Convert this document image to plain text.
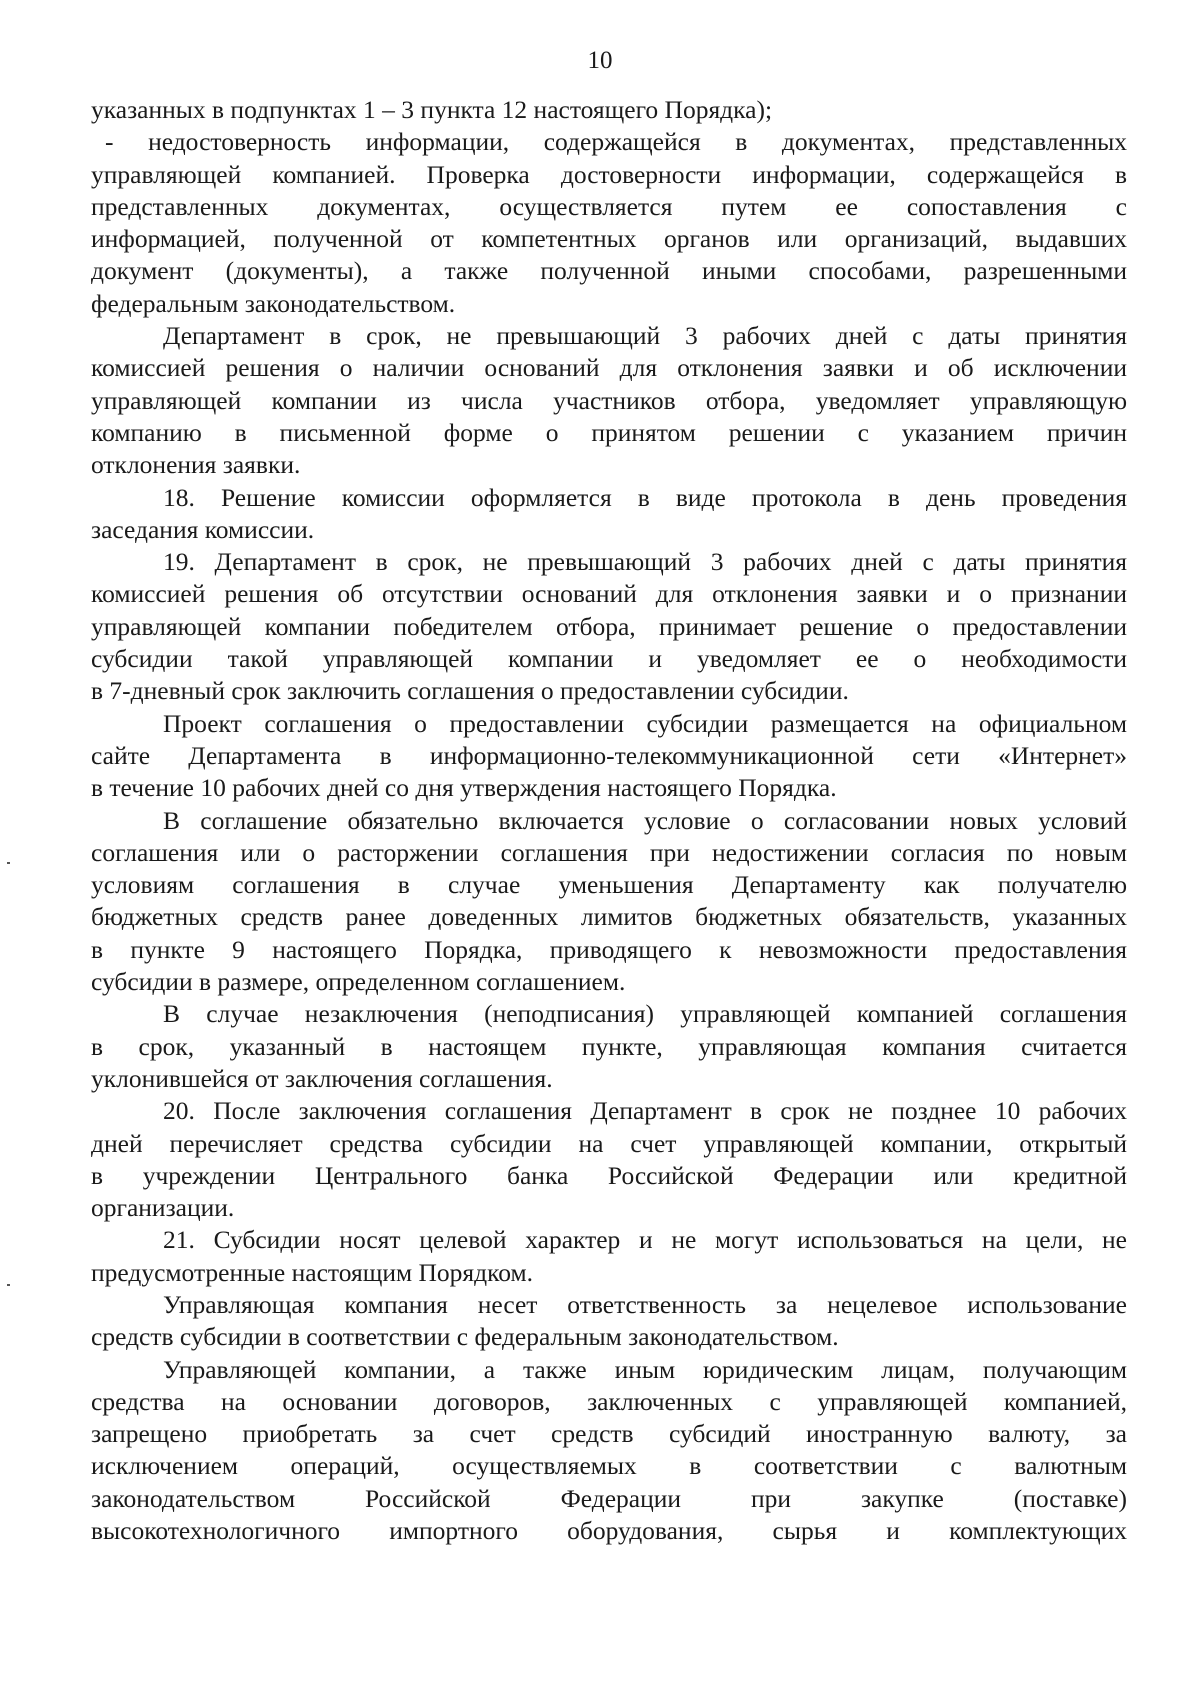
10
указанных в подпунктах 1 – 3 пункта 12 настоящего Порядка);
- недостоверность информации, содержащейся в документах, представленных
управляющей компанией. Проверка достоверности информации, содержащейся в
представленных документах, осуществляется путем ее сопоставления с
информацией, полученной от компетентных органов или организаций, выдавших
документ (документы), а также полученной иными способами, разрешенными
федеральным законодательством.
Департамент в срок, не превышающий 3 рабочих дней с даты принятия
комиссией решения о наличии оснований для отклонения заявки и об исключении
управляющей компании из числа участников отбора, уведомляет управляющую
компанию в письменной форме о принятом решении с указанием причин
отклонения заявки.
18. Решение комиссии оформляется в виде протокола в день проведения
заседания комиссии.
19. Департамент в срок, не превышающий 3 рабочих дней с даты принятия
комиссией решения об отсутствии оснований для отклонения заявки и о признании
управляющей компании победителем отбора, принимает решение о предоставлении
субсидии такой управляющей компании и уведомляет ее о необходимости
в 7-дневный срок заключить соглашения о предоставлении субсидии.
Проект соглашения о предоставлении субсидии размещается на официальном
сайте Департамента в информационно-телекоммуникационной сети «Интернет»
в течение 10 рабочих дней со дня утверждения настоящего Порядка.
В соглашение обязательно включается условие о согласовании новых условий
соглашения или о расторжении соглашения при недостижении согласия по новым
условиям соглашения в случае уменьшения Департаменту как получателю
бюджетных средств ранее доведенных лимитов бюджетных обязательств, указанных
в пункте 9 настоящего Порядка, приводящего к невозможности предоставления
субсидии в размере, определенном соглашением.
В случае незаключения (неподписания) управляющей компанией соглашения
в срок, указанный в настоящем пункте, управляющая компания считается
уклонившейся от заключения соглашения.
20. После заключения соглашения Департамент в срок не позднее 10 рабочих
дней перечисляет средства субсидии на счет управляющей компании, открытый
в учреждении Центрального банка Российской Федерации или кредитной
организации.
21. Субсидии носят целевой характер и не могут использоваться на цели, не
предусмотренные настоящим Порядком.
Управляющая компания несет ответственность за нецелевое использование
средств субсидии в соответствии с федеральным законодательством.
Управляющей компании, а также иным юридическим лицам, получающим
средства на основании договоров, заключенных с управляющей компанией,
запрещено приобретать за счет средств субсидий иностранную валюту, за
исключением операций, осуществляемых в соответствии с валютным
законодательством Российской Федерации при закупке (поставке)
высокотехнологичного импортного оборудования, сырья и комплектующих
